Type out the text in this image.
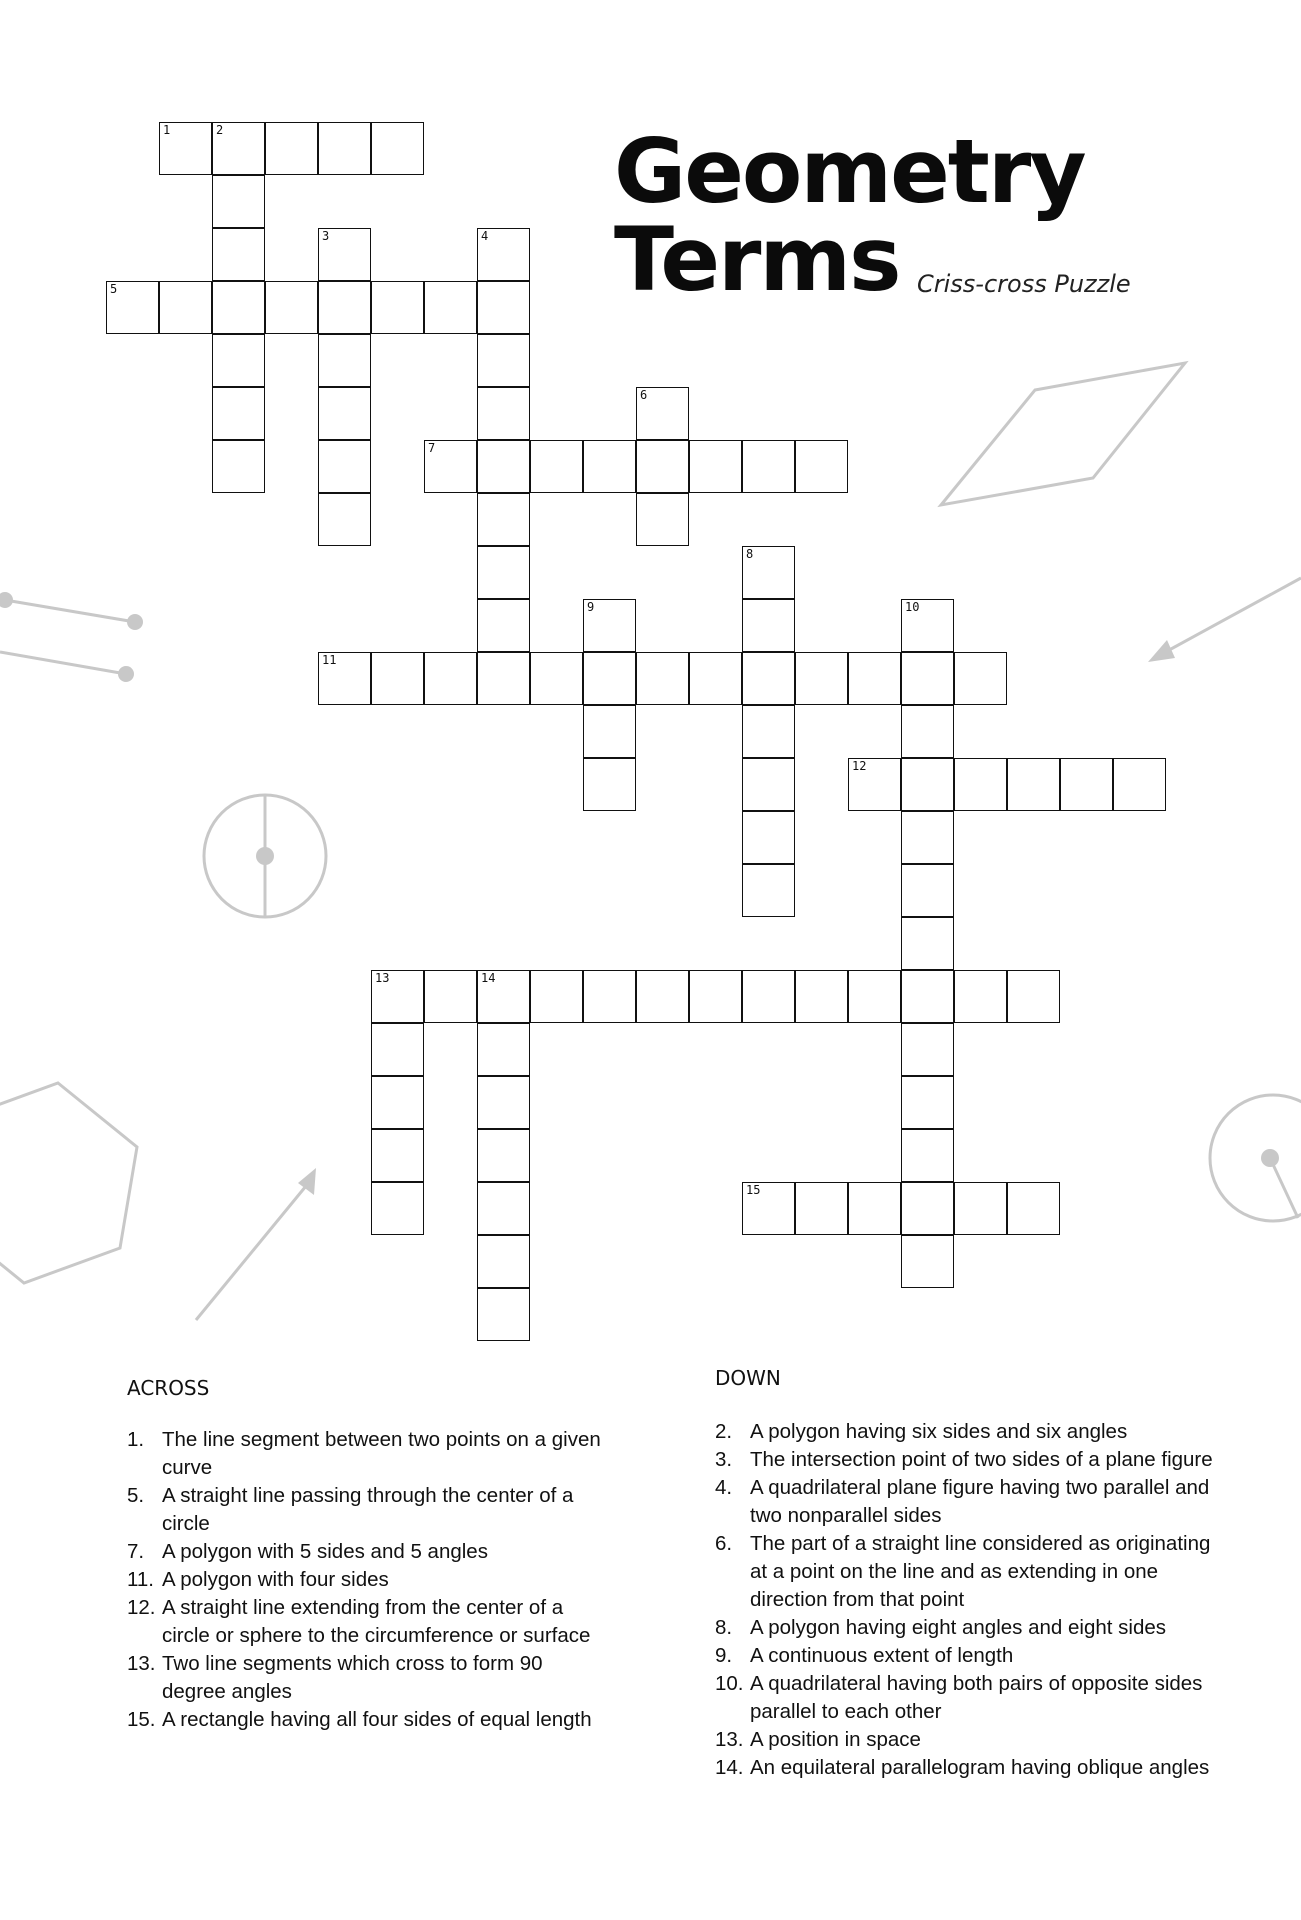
1	2
5
7
11
12
13	14
15
3	4
6
8
9	10
Geometry
Terms Criss-cross Puzzle
ACROSS
1. The line segment between two points on a given curve
5. A straight line passing through the center of a circle
7. A polygon with 5 sides and 5 angles
11. A polygon with four sides
12. A straight line extending from the center of a circle or sphere to the circumference or surface
13. Two line segments which cross to form 90 degree angles
15. A rectangle having all four sides of equal length
DOWN
2. A polygon having six sides and six angles
3. The intersection point of two sides of a plane figure
4. A quadrilateral plane figure having two parallel and two nonparallel sides
6. The part of a straight line considered as originating at a point on the line and as extending in one direction from that point
8. A polygon having eight angles and eight sides
9. A continuous extent of length
10. A quadrilateral having both pairs of opposite sides parallel to each other
13. A position in space
14. An equilateral parallelogram having oblique angles
